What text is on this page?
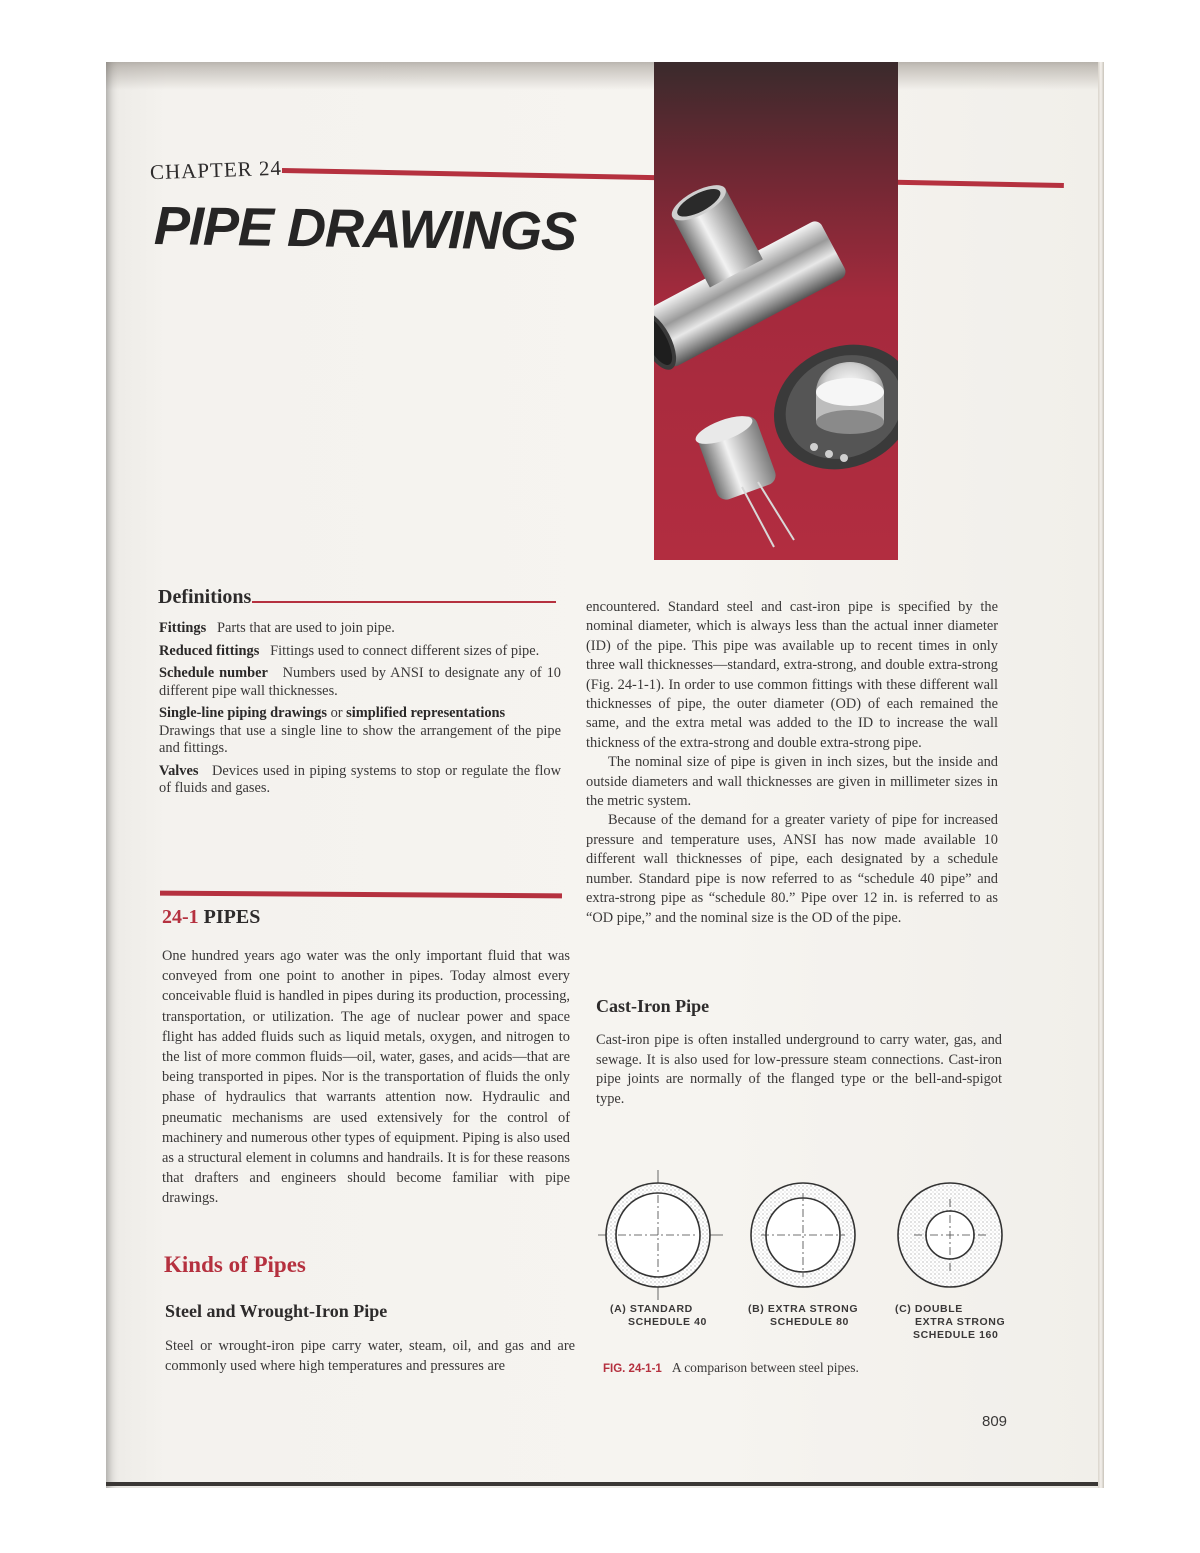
CHAPTER 24
PIPE DRAWINGS
Definitions

Fittings Parts that are used to join pipe.

Reduced fittings Fittings used to connect different sizes of pipe.

Schedule number Numbers used by ANSI to designate any of 10 different pipe wall thicknesses.

Single-line piping drawings or simplified representations
Drawings that use a single line to show the arrangement of the pipe and fittings.

Valves Devices used in piping systems to stop or regulate the flow of fluids and gases.

24-1 PIPES
One hundred years ago water was the only important fluid that was conveyed from one point to another in pipes. Today almost every conceivable fluid is handled in pipes during its production, processing, transportation, or utilization. The age of nuclear power and space flight has added fluids such as liquid metals, oxygen, and nitrogen to the list of more common fluids—oil, water, gases, and acids—that are being transported in pipes. Nor is the transportation of fluids the only phase of hydraulics that warrants attention now. Hydraulic and pneumatic mechanisms are used extensively for the control of machinery and numerous other types of equipment. Piping is also used as a structural element in columns and handrails. It is for these reasons that drafters and engineers should become familiar with pipe drawings.
Kinds of Pipes
Steel and Wrought-Iron Pipe
Steel or wrought-iron pipe carry water, steam, oil, and gas and are commonly used where high temperatures and pressures are

encountered. Standard steel and cast-iron pipe is specified by the nominal diameter, which is always less than the actual inner diameter (ID) of the pipe. This pipe was available up to recent times in only three wall thicknesses—standard, extra-strong, and double extra-strong (Fig. 24-1-1). In order to use common fittings with these different wall thicknesses of pipe, the outer diameter (OD) of each remained the same, and the extra metal was added to the ID to increase the wall thickness of the extra-strong and double extra-strong pipe.

The nominal size of pipe is given in inch sizes, but the inside and outside diameters and wall thicknesses are given in millimeter sizes in the metric system.

Because of the demand for a greater variety of pipe for increased pressure and temperature uses, ANSI has now made available 10 different wall thicknesses of pipe, each designated by a schedule number. Standard pipe is now referred to as “schedule 40 pipe” and extra-strong pipe as “schedule 80.” Pipe over 12 in. is referred to as “OD pipe,” and the nominal size is the OD of the pipe.

Cast-Iron Pipe
Cast-iron pipe is often installed underground to carry water, gas, and sewage. It is also used for low-pressure steam connections. Cast-iron pipe joints are normally of the flanged type or the bell-and-spigot type.
(A) STANDARD
SCHEDULE 40
(B) EXTRA STRONG
SCHEDULE 80
(C) DOUBLE
EXTRA STRONG
SCHEDULE 160
FIG. 24-1-1 A comparison between steel pipes.
809
